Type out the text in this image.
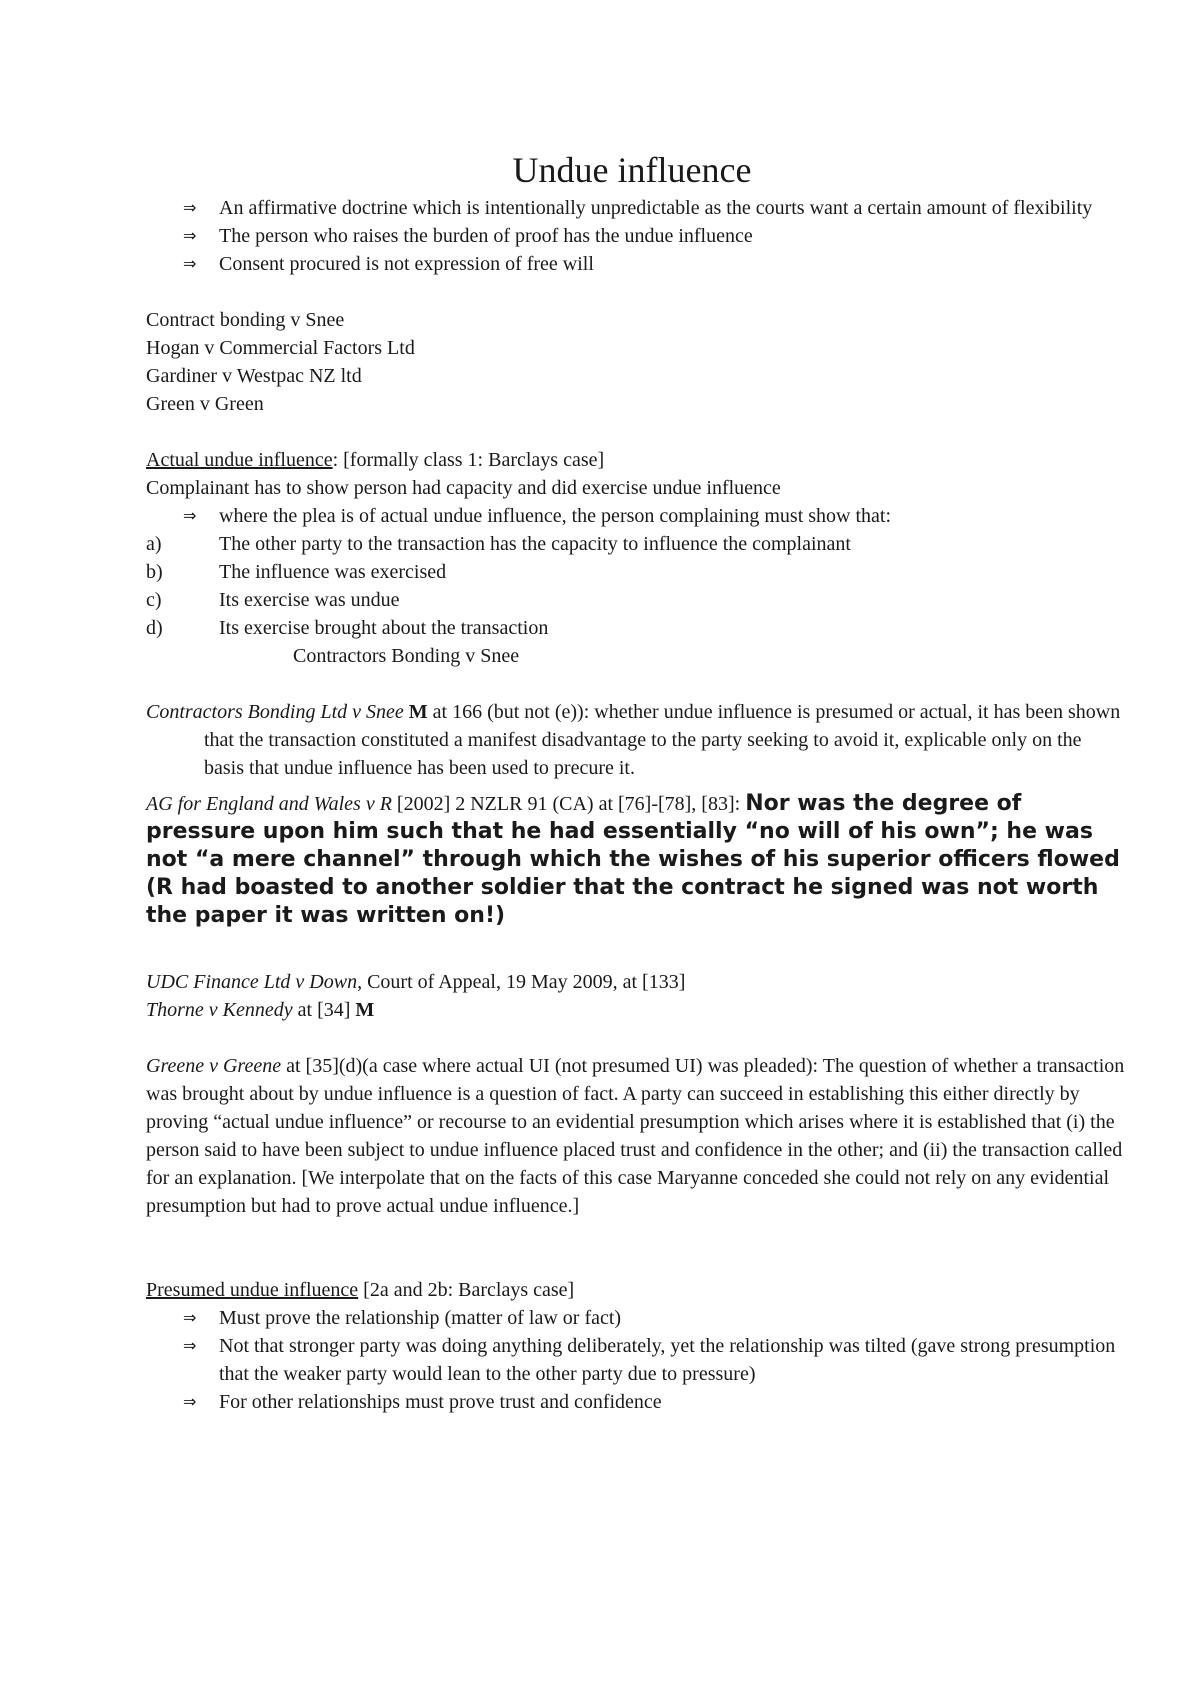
Undue influence
⇒ An affirmative doctrine which is intentionally unpredictable as the courts want a certain amount of flexibility
⇒ The person who raises the burden of proof has the undue influence
⇒ Consent procured is not expression of free will
Contract bonding v Snee
Hogan v Commercial Factors Ltd
Gardiner v Westpac NZ ltd
Green v Green
Actual undue influence: [formally class 1: Barclays case]
Complainant has to show person had capacity and did exercise undue influence
⇒ where the plea is of actual undue influence, the person complaining must show that:
a)	The other party to the transaction has the capacity to influence the complainant
b)	The influence was exercised
c)	Its exercise was undue
d)	Its exercise brought about the transaction
Contractors Bonding v Snee
Contractors Bonding Ltd v Snee M at 166 (but not (e)): whether undue influence is presumed or actual, it has been shown that the transaction constituted a manifest disadvantage to the party seeking to avoid it, explicable only on the basis that undue influence has been used to precure it.
AG for England and Wales v R [2002] 2 NZLR 91 (CA) at [76]-[78], [83]: Nor was the degree of pressure upon him such that he had essentially “no will of his own”; he was not “a mere channel” through which the wishes of his superior officers flowed (R had boasted to another soldier that the contract he signed was not worth the paper it was written on!)
UDC Finance Ltd v Down, Court of Appeal, 19 May 2009, at [133]
Thorne v Kennedy at [34] M
Greene v Greene at [35](d)(a case where actual UI (not presumed UI) was pleaded): The question of whether a transaction was brought about by undue influence is a question of fact. A party can succeed in establishing this either directly by proving “actual undue influence” or recourse to an evidential presumption which arises where it is established that (i) the person said to have been subject to undue influence placed trust and confidence in the other; and (ii) the transaction called for an explanation. [We interpolate that on the facts of this case Maryanne conceded she could not rely on any evidential presumption but had to prove actual undue influence.]
Presumed undue influence [2a and 2b: Barclays case]
⇒ Must prove the relationship (matter of law or fact)
⇒ Not that stronger party was doing anything deliberately, yet the relationship was tilted (gave strong presumption that the weaker party would lean to the other party due to pressure)
⇒ For other relationships must prove trust and confidence
